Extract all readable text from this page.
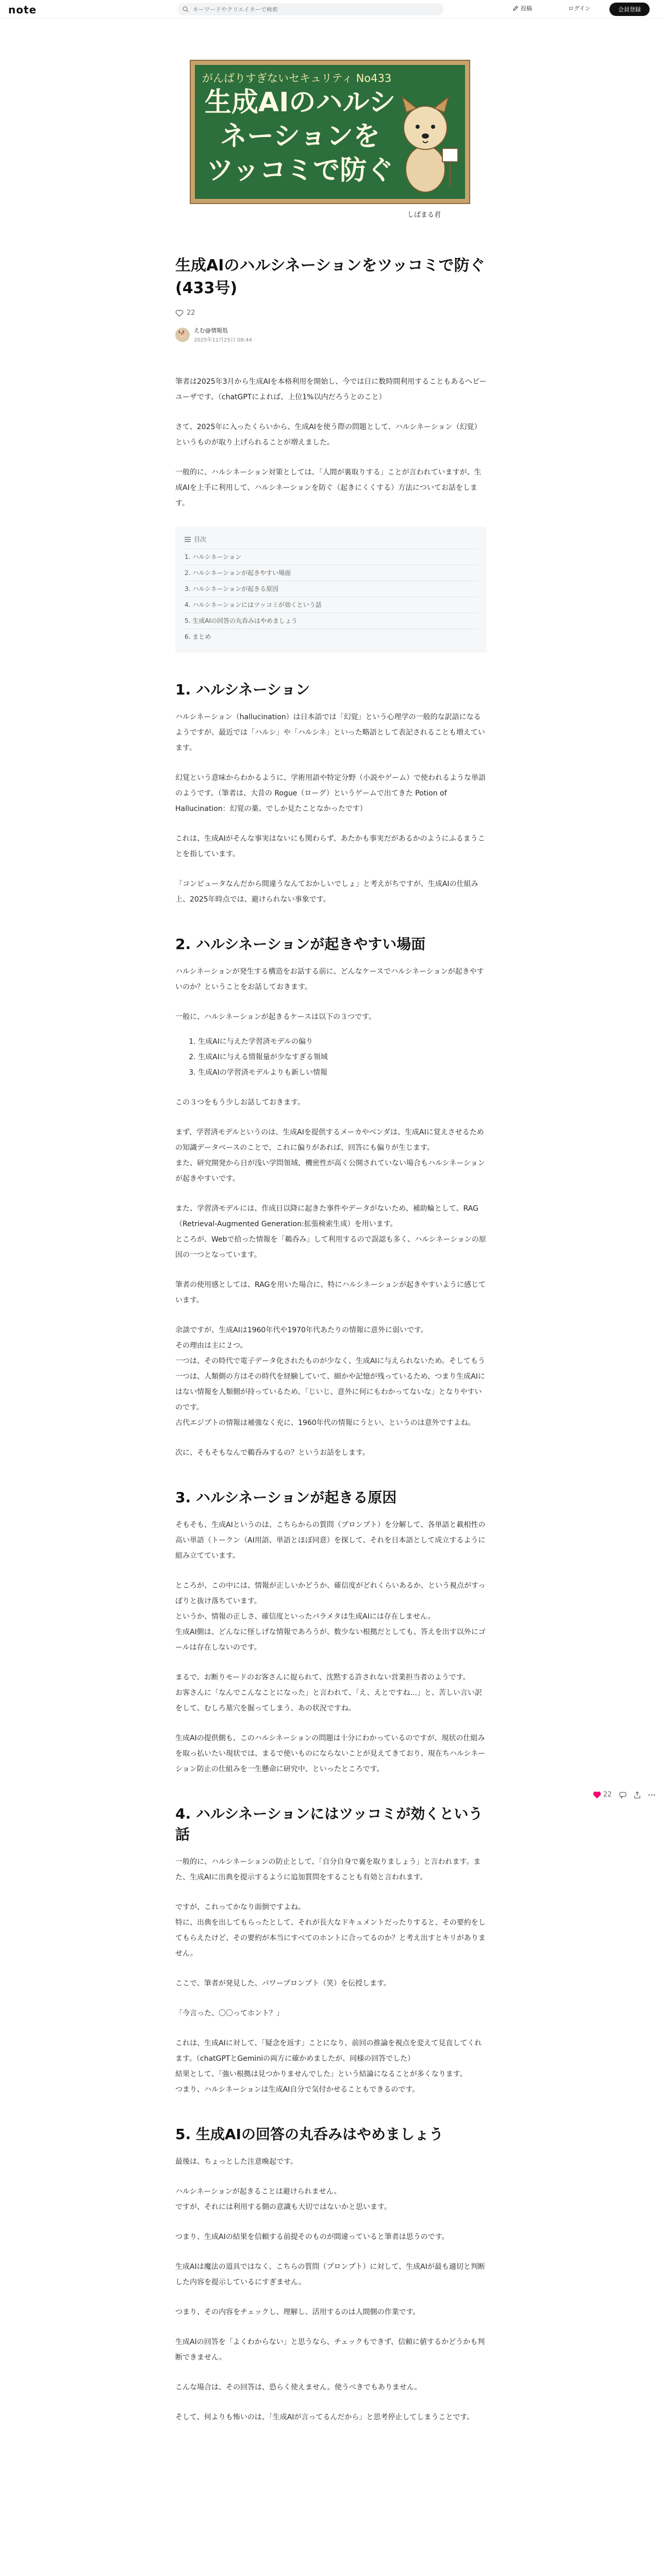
note
キーワードやクリエイターで検索	投稿	ログイン	会員登録
がんばりすぎないセキュリティ No433
生成AIのハルシ
ネーションを
ツッコミで防ぐ
しばまる君
生成AIのハルシネーションをツッコミで防ぐ(433号)
22
🐕
えむ@情報処
2025年11月25日 08:44

筆者は2025年3月から生成AIを本格利用を開始し、今では日に数時間利用することもあるヘビーユーザです。（chatGPTによれば、上位1%以内だろうとのこと）

さて、2025年に入ったくらいから、生成AIを使う際の問題として、ハルシネーション（幻覚）というものが取り上げられることが増えました。

一般的に、ハルシネーション対策としては、「人間が裏取りする」ことが言われていますが、生成AIを上手に利用して、ハルシネーションを防ぐ（起きにくくする）方法についてお話をします。

目次
1. ハルシネーション
2. ハルシネーションが起きやすい場面
3. ハルシネーションが起きる原因
4. ハルシネーションにはツッコミが効くという話
5. 生成AIの回答の丸呑みはやめましょう
6. まとめ
1. ハルシネーション

ハルシネーション（hallucination）は日本語では「幻覚」という心理学の一般的な訳語になるようですが、最近では「ハルシ」や「ハルシネ」といった略語として表記されることも増えています。

幻覚という意味からわかるように、学術用語や特定分野（小説やゲーム）で使われるような単語のようです。（筆者は、大昔の Rogue（ローグ）というゲームで出てきた Potion of Hallucination：幻覚の薬、でしか見たことなかったです）

これは、生成AIがそんな事実はないにも関わらず、あたかも事実だがあるかのようにふるまうことを指しています。

「コンピュータなんだから間違うなんておかしいでしょ」と考えがちですが、生成AIの仕組み上、2025年時点では、避けられない事象です。

2. ハルシネーションが起きやすい場面

ハルシネーションが発生する構造をお話する前に、どんなケースでハルシネーションが起きやすいのか？ということをお話しておきます。

一般に、ハルシネーションが起きるケースは以下の３つです。

1. 生成AIに与えた学習済モデルの偏り
2. 生成AIに与える情報量が少なすぎる領域
3. 生成AIの学習済モデルよりも新しい情報

この３つをもう少しお話しておきます。

まず、学習済モデルというのは、生成AIを提供するメーカやベンダは、生成AIに覚えさせるための知識データベースのことで、これに偏りがあれば、回答にも偏りが生じます。

また、研究開発から日が浅い学問領域、機密性が高く公開されていない場合もハルシネーションが起きやすいです。

また、学習済モデルには、作成日以降に起きた事件やデータがないため、補助輪として、RAG（Retrieval-Augmented Generation:拡張検索生成）を用います。

ところが、Webで拾った情報を「鵜呑み」して利用するので誤認も多く、ハルシネーションの原因の一つとなっています。

筆者の使用感としては、RAGを用いた場合に、特にハルシネーションが起きやすいように感じています。

余談ですが、生成AIは1960年代や1970年代あたりの情報に意外に弱いです。

その理由は主に２つ。

一つは、その時代で電子データ化されたものが少なく、生成AIに与えられないため。そしてもう一つは、人類側の方はその時代を経験していて、細かや記憶が残っているため、つまり生成AIにはない情報を人類側が持っているため、「じいじ、意外に何にもわかってないな」となりやすいのです。

古代エジプトの情報は補強なく充に、1960年代の情報にうとい、というのは意外ですよね。

次に、そもそもなんで鵜呑みするの？というお話をします。

3. ハルシネーションが起きる原因

そもそも、生成AIというのは、こちらからの質問（プロンプト）を分解して、各単語と載相性の高い単語（トークン（AI用語、単語とほぼ同意）を探して、それを日本語として成立するように組み立てています。

ところが、この中には、情報が正しいかどうか、確信度がどれくらいあるか、という視点がすっぽりと抜け落ちています。

というか、情報の正しさ、確信度といったパラメタは生成AIには存在しません。

生成AI側は、どんなに怪しげな情報であろうが、数少ない根拠だとしても、答えを出す以外にゴールは存在しないのです。

まるで、お断りモードのお客さんに捉られて、沈黙する許されない営業担当者のようです。

お客さんに「なんでこんなことになった」と言われて、「え、えとですね...」と、苦しい言い訳をして、むしろ墓穴を掘ってしまう、あの状況ですね。

生成AIの提供側も、このハルシネーションの問題は十分にわかっているのですが、現状の仕組みを取っ払いたい現状では、まるで使いものにならないことが見えてきており、現在ちハルシネーション防止の仕組みを一生懸命に研究中、といったところです。

4. ハルシネーションにはツッコミが効くという話

一般的に、ハルシネーションの防止として、「自分自身で裏を取りましょう」と言われます。また、生成AIに出典を提示するように追加質問をすることも有効と言われます。

ですが、これってかなり面倒ですよね。

特に、出典を出してもらったとして、それが長大なドキュメントだったりすると、その要約をしてもらえたけど、その要約が本当にすべてのホントに合ってるのか？と考え出すとキリがありません。

ここで、筆者が発見した、パワープロンプト（笑）を伝授します。

「今言った、〇〇ってホント？」

これは、生成AIに対して、「疑念を返す」ことになり、前回の推論を視点を変えて見直してくれます。（chatGPTとGeminiの両方に確かめましたが、同様の回答でした）

結果として、「強い根拠は見つかりませんでした」という結論になることが多くなります。

つまり、ハルシネーションは生成AI自分で気付かせることもできるのです。

5. 生成AIの回答の丸呑みはやめましょう

最後は、ちょっとした注意喚起です。

ハルシネーションが起きることは避けられません。

ですが、それには利用する側の意識も大切ではないかと思います。

つまり、生成AIの結果を信頼する前提そのものが間違っていると筆者は思うのです。

生成AIは魔法の道具ではなく、こちらの質問（プロンプト）に対して、生成AIが最も適切と判断した内容を提示しているにすぎません。

つまり、その内容をチェックし、理解し、活用するのは人間側の作業です。

生成AIの回答を「よくわからない」と思うなら、チェックもできず、信頼に値するかどうかも判断できません。

こんな場合は、その回答は、恐らく使えません。使うべきでもありません。

そして、何よりも怖いのは、「生成AIが言ってるんだから」と思考停止してしまうことです。

22
